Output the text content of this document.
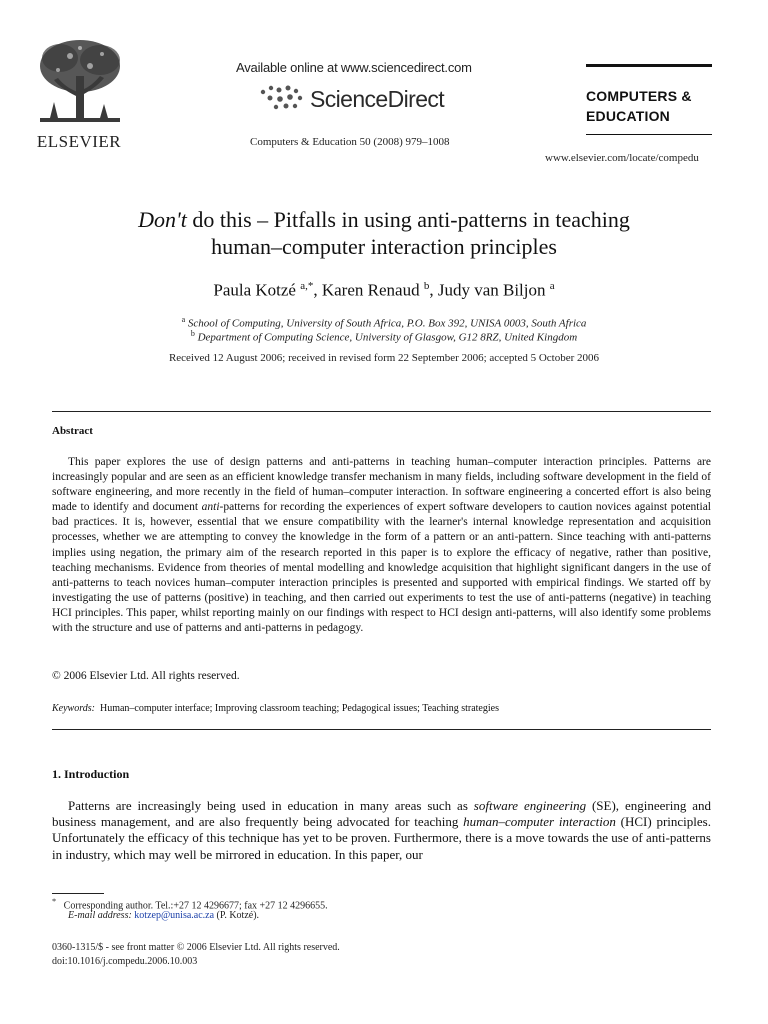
ELSEVIER
Available online at www.sciencedirect.com
ScienceDirect
Computers & Education 50 (2008) 979–1008
COMPUTERS &
EDUCATION
www.elsevier.com/locate/compedu
Don't do this – Pitfalls in using anti-patterns in teaching
human–computer interaction principles
Paula Kotzé $^{a,*}$, Karen Renaud $^b$, Judy van Biljon $^a$
$^a$ School of Computing, University of South Africa, P.O. Box 392, UNISA 0003, South Africa
$^b$ Department of Computing Science, University of Glasgow, G12 8RZ, United Kingdom
Received 12 August 2006; received in revised form 22 September 2006; accepted 5 October 2006
Abstract

This paper explores the use of design patterns and anti-patterns in teaching human–computer interaction principles. Patterns are increasingly popular and are seen as an efficient knowledge transfer mechanism in many fields, including software development in the field of software engineering, and more recently in the field of human–computer interaction. In software engineering a concerted effort is also being made to identify and document anti-patterns for recording the experiences of expert software developers to caution novices against potential bad practices. It is, however, essential that we ensure compatibility with the learner's internal knowledge representation and acquisition processes, whether we are attempting to convey the knowledge in the form of a pattern or an anti-pattern. Since teaching with anti-patterns implies using negation, the primary aim of the research reported in this paper is to explore the efficacy of negative, rather than positive, teaching mechanisms. Evidence from theories of mental modelling and knowledge acquisition that highlight significant dangers in the use of anti-patterns to teach novices human–computer interaction principles is presented and supported with empirical findings. We started off by investigating the use of patterns (positive) in teaching, and then carried out experiments to test the use of anti-patterns (negative) in teaching HCI principles. This paper, whilst reporting mainly on our findings with respect to HCI design anti-patterns, will also identify some problems with the structure and use of patterns and anti-patterns in pedagogy.

© 2006 Elsevier Ltd. All rights reserved.
Keywords: Human–computer interface; Improving classroom teaching; Pedagogical issues; Teaching strategies
1. Introduction

Patterns are increasingly being used in education in many areas such as software engineering (SE), engineering and business management, and are also frequently being advocated for teaching human–computer interaction (HCI) principles. Unfortunately the efficacy of this technique has yet to be proven. Furthermore, there is a move towards the use of anti-patterns in industry, which may well be mirrored in education. In this paper, our

* Corresponding author. Tel.:+27 12 4296677; fax +27 12 4296655.
E-mail address: kotzep@unisa.ac.za (P. Kotzé).
0360-1315/$ - see front matter © 2006 Elsevier Ltd. All rights reserved.
doi:10.1016/j.compedu.2006.10.003
